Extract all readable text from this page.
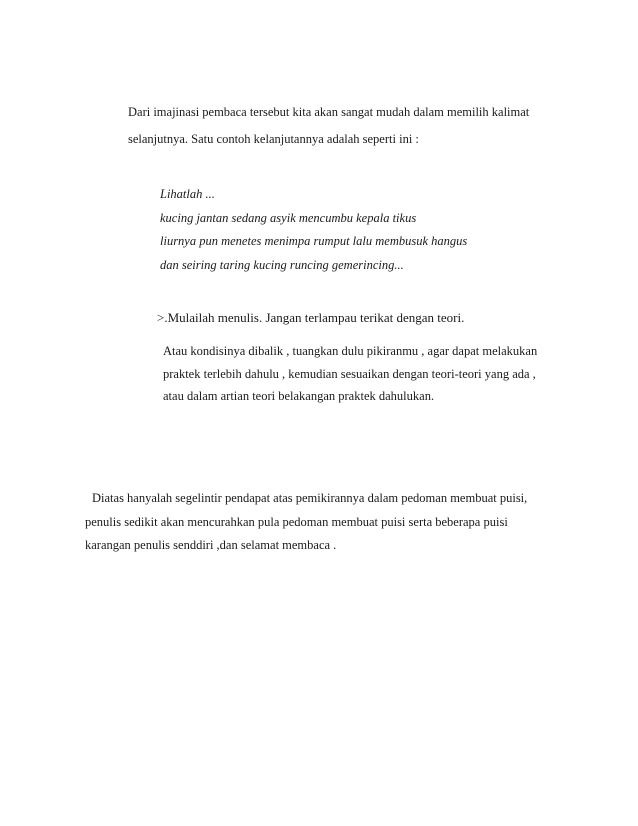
Dari imajinasi pembaca tersebut kita akan sangat mudah dalam memilih kalimat
selanjutnya. Satu contoh kelanjutannya adalah seperti ini :
Lihatlah ...
kucing jantan sedang asyik mencumbu kepala tikus
liurnya pun menetes menimpa rumput lalu membusuk hangus
dan seiring taring kucing runcing gemerincing...
>.Mulailah menulis. Jangan terlampau terikat dengan teori.
Atau kondisinya dibalik , tuangkan dulu pikiranmu , agar dapat melakukan
praktek terlebih dahulu , kemudian sesuaikan dengan teori-teori yang ada ,
atau dalam artian teori belakangan praktek dahulukan.
Diatas hanyalah segelintir pendapat atas pemikirannya dalam pedoman membuat puisi,
penulis sedikit akan mencurahkan pula pedoman membuat puisi serta beberapa puisi
karangan penulis senddiri ,dan selamat membaca .
